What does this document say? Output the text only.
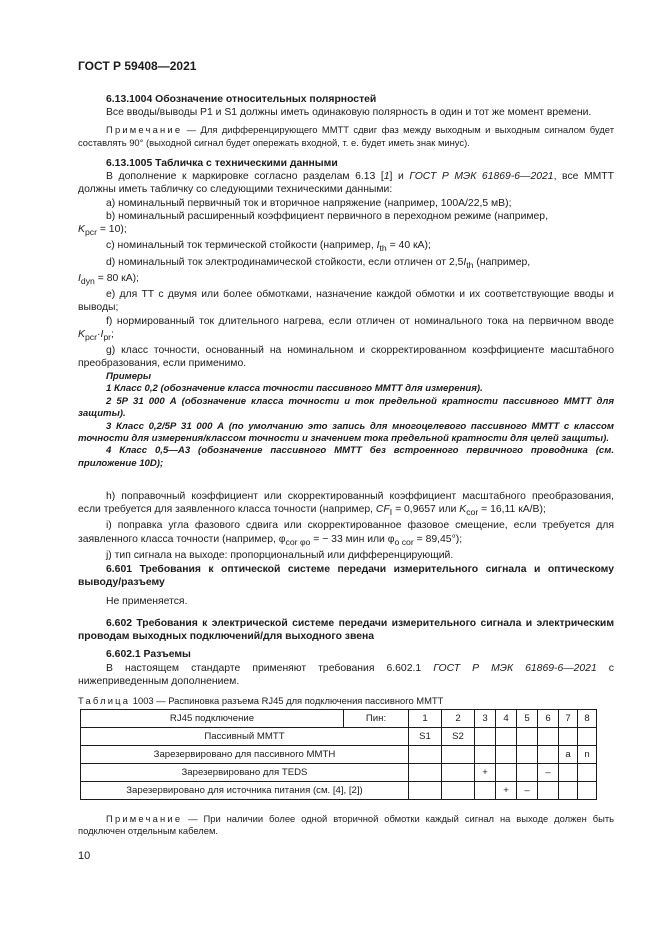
ГОСТ Р 59408—2021

6.13.1004 Обозначение относительных полярностей

Все вводы/выводы Р1 и S1 должны иметь одинаковую полярность в один и тот же момент времени.

Примечание — Для дифференцирующего ММТТ сдвиг фаз между выходным и выходным сигналом будет составлять 90° (выходной сигнал будет опережать входной, т. е. будет иметь знак минус).

6.13.1005 Табличка с техническими данными

В дополнение к маркировке согласно разделам 6.13 [1] и ГОСТ Р МЭК 61869-6—2021, все ММТТ должны иметь табличку со следующими техническими данными:

а) номинальный первичный ток и вторичное напряжение (например, 100А/22,5 мВ);

b) номинальный расширенный коэффициент первичного в переходном режиме (например,
$K_{pcr} = 10$);

c) номинальный ток термической стойкости (например, $I_{th} = 40$ кА);

d) номинальный ток электродинамической стойкости, если отличен от $2,5I_{th}$ (например,
$I_{dyn} = 80$ кА);

е) для ТТ с двумя или более обмотками, назначение каждой обмотки и их соответствующие вводы и выводы;

f) нормированный ток длительного нагрева, если отличен от номинального тока на первичном вводе $K_{pcr}\cdot I_{pr}$;

g) класс точности, основанный на номинальном и скорректированном коэффициенте масштабного преобразования, если применимо.

Примеры

1 Класс 0,2 (обозначение класса точности пассивного ММТТ для измерения).

2 5Р 31 000 А (обозначение класса точности и ток предельной кратности пассивного ММТТ для защиты).

3 Класс 0,2/5Р 31 000 А (по умолчанию это запись для многоцелевого пассивного ММТТ с классом точности для измерения/классом точности и значением тока предельной кратности для целей защиты).

4 Класс 0,5—А3 (обозначение пассивного ММТТ без встроенного первичного проводника (см. приложение 10D);

h) поправочный коэффициент или скорректированный коэффициент масштабного преобразования, если требуется для заявленного класса точности (например, $CF_I = 0,9657$ или $K_{cor} = 16,11$ кА/В);

i) поправка угла фазового сдвига или скорректированное фазовое смещение, если требуется для заявленного класса точности (например, $\varphi_{cor \varphi o}$ = − 33 мин или $\varphi_{o cor} = 89,45^\circ$);

j) тип сигнала на выходе: пропорциональный или дифференцирующий.

6.601 Требования к оптической системе передачи измерительного сигнала и оптическому выводу/разъему

Не применяется.

6.602 Требования к электрической системе передачи измерительного сигнала и электрическим проводам выходных подключений/для выходного звена

6.602.1 Разъемы

В настоящем стандарте применяют требования 6.602.1 ГОСТ Р МЭК 61869-6—2021 с нижеприведенным дополнением.

Таблица 1003 — Распиновка разъема RJ45 для подключения пассивного ММТТ
RJ45 подключение	Пин:	1	2	3	4	5	6	7	8
Пассивный ММТТ		S1	S2						
Зарезервировано для пассивного ММТН								a	n
Зарезервировано для TEDS				+			–		
Зарезервировано для источника питания (см. [4], [2])					+	–			

Примечание — При наличии более одной вторичной обмотки каждый сигнал на выходе должен быть подключен отдельным кабелем.

10
